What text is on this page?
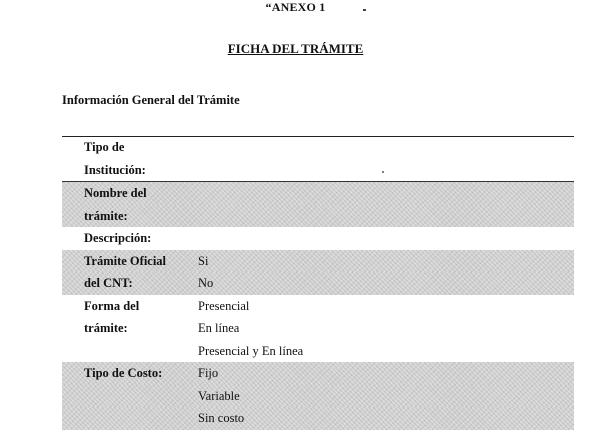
“ANEXO 1
FICHA DEL TRÁMITE
Información General del Trámite
Tipo de
Institución:
Nombre del
trámite:
Descripción:
Trámite Oficial	Si
del CNT:	No
Forma del	Presencial
trámite:	En línea
Presencial y En línea
Tipo de Costo:	Fijo
Variable
Sin costo
